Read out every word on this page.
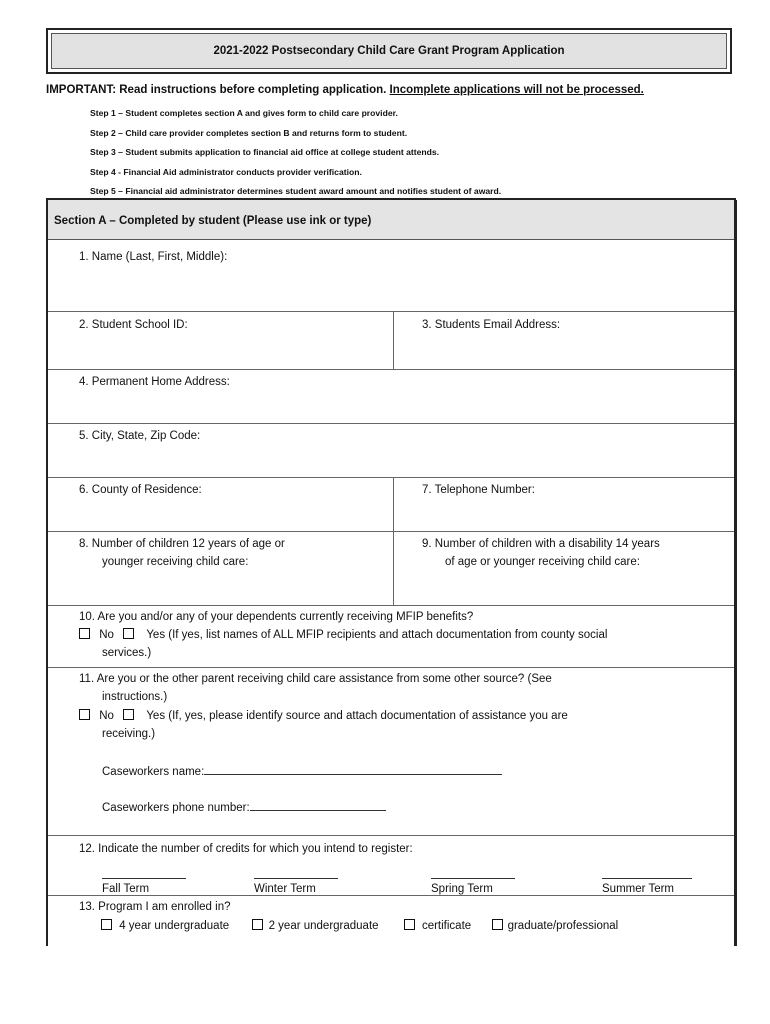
2021-2022 Postsecondary Child Care Grant Program Application
IMPORTANT: Read instructions before completing application. Incomplete applications will not be processed.
Step 1 – Student completes section A and gives form to child care provider.
Step 2 – Child care provider completes section B and returns form to student.
Step 3 – Student submits application to financial aid office at college student attends.
Step 4 - Financial Aid administrator conducts provider verification.
Step 5 – Financial aid administrator determines student award amount and notifies student of award.
Section A – Completed by student (Please use ink or type)
1. Name (Last, First, Middle):
2. Student School ID:	3. Students Email Address:
4. Permanent Home Address:
5. City, State, Zip Code:
6. County of Residence:	7. Telephone Number:
8. Number of children 12 years of age or
younger receiving child care:
9. Number of children with a disability 14 years
of age or younger receiving child care:
10. Are you and/or any of your dependents currently receiving MFIP benefits?
No	Yes (If yes, list names of ALL MFIP recipients and attach documentation from county social
services.)
11. Are you or the other parent receiving child care assistance from some other source? (See
instructions.)
No	Yes (If, yes, please identify source and attach documentation of assistance you are
receiving.)
Caseworkers name:
Caseworkers phone number:
12. Indicate the number of credits for which you intend to register:
Fall Term	Winter Term	Spring Term	Summer Term
13. Program I am enrolled in?
4 year undergraduate	2 year undergraduate	certificate	graduate/professional
